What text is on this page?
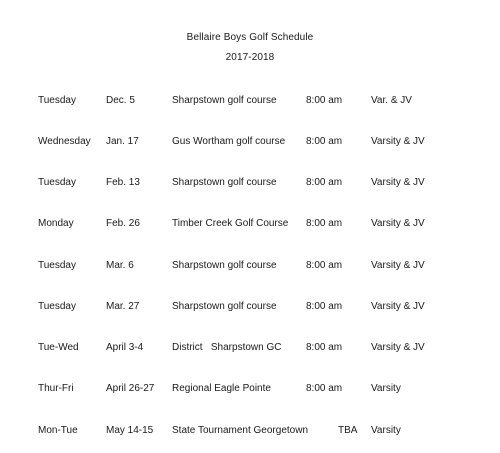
Bellaire Boys Golf Schedule
2017-2018
Tuesday	Dec. 5	Sharpstown golf course	8:00 am	Var. & JV
Wednesday Jan. 17	Gus Wortham golf course 8:00 am	Varsity & JV
Tuesday	Feb. 13	Sharpstown golf course	8:00 am	Varsity & JV
Monday	Feb. 26	Timber Creek Golf Course 8:00 am	Varsity & JV
Tuesday	Mar. 6	Sharpstown golf course	8:00 am	Varsity & JV
Tuesday	Mar. 27	Sharpstown golf course	8:00 am	Varsity & JV
Tue-Wed	April 3-4	District   Sharpstown GC 8:00 am	Varsity & JV
Thur-Fri	April 26-27 Regional Eagle Pointe	8:00 am	Varsity
Mon-Tue	May 14-15 State Tournament Georgetown	TBA Varsity
